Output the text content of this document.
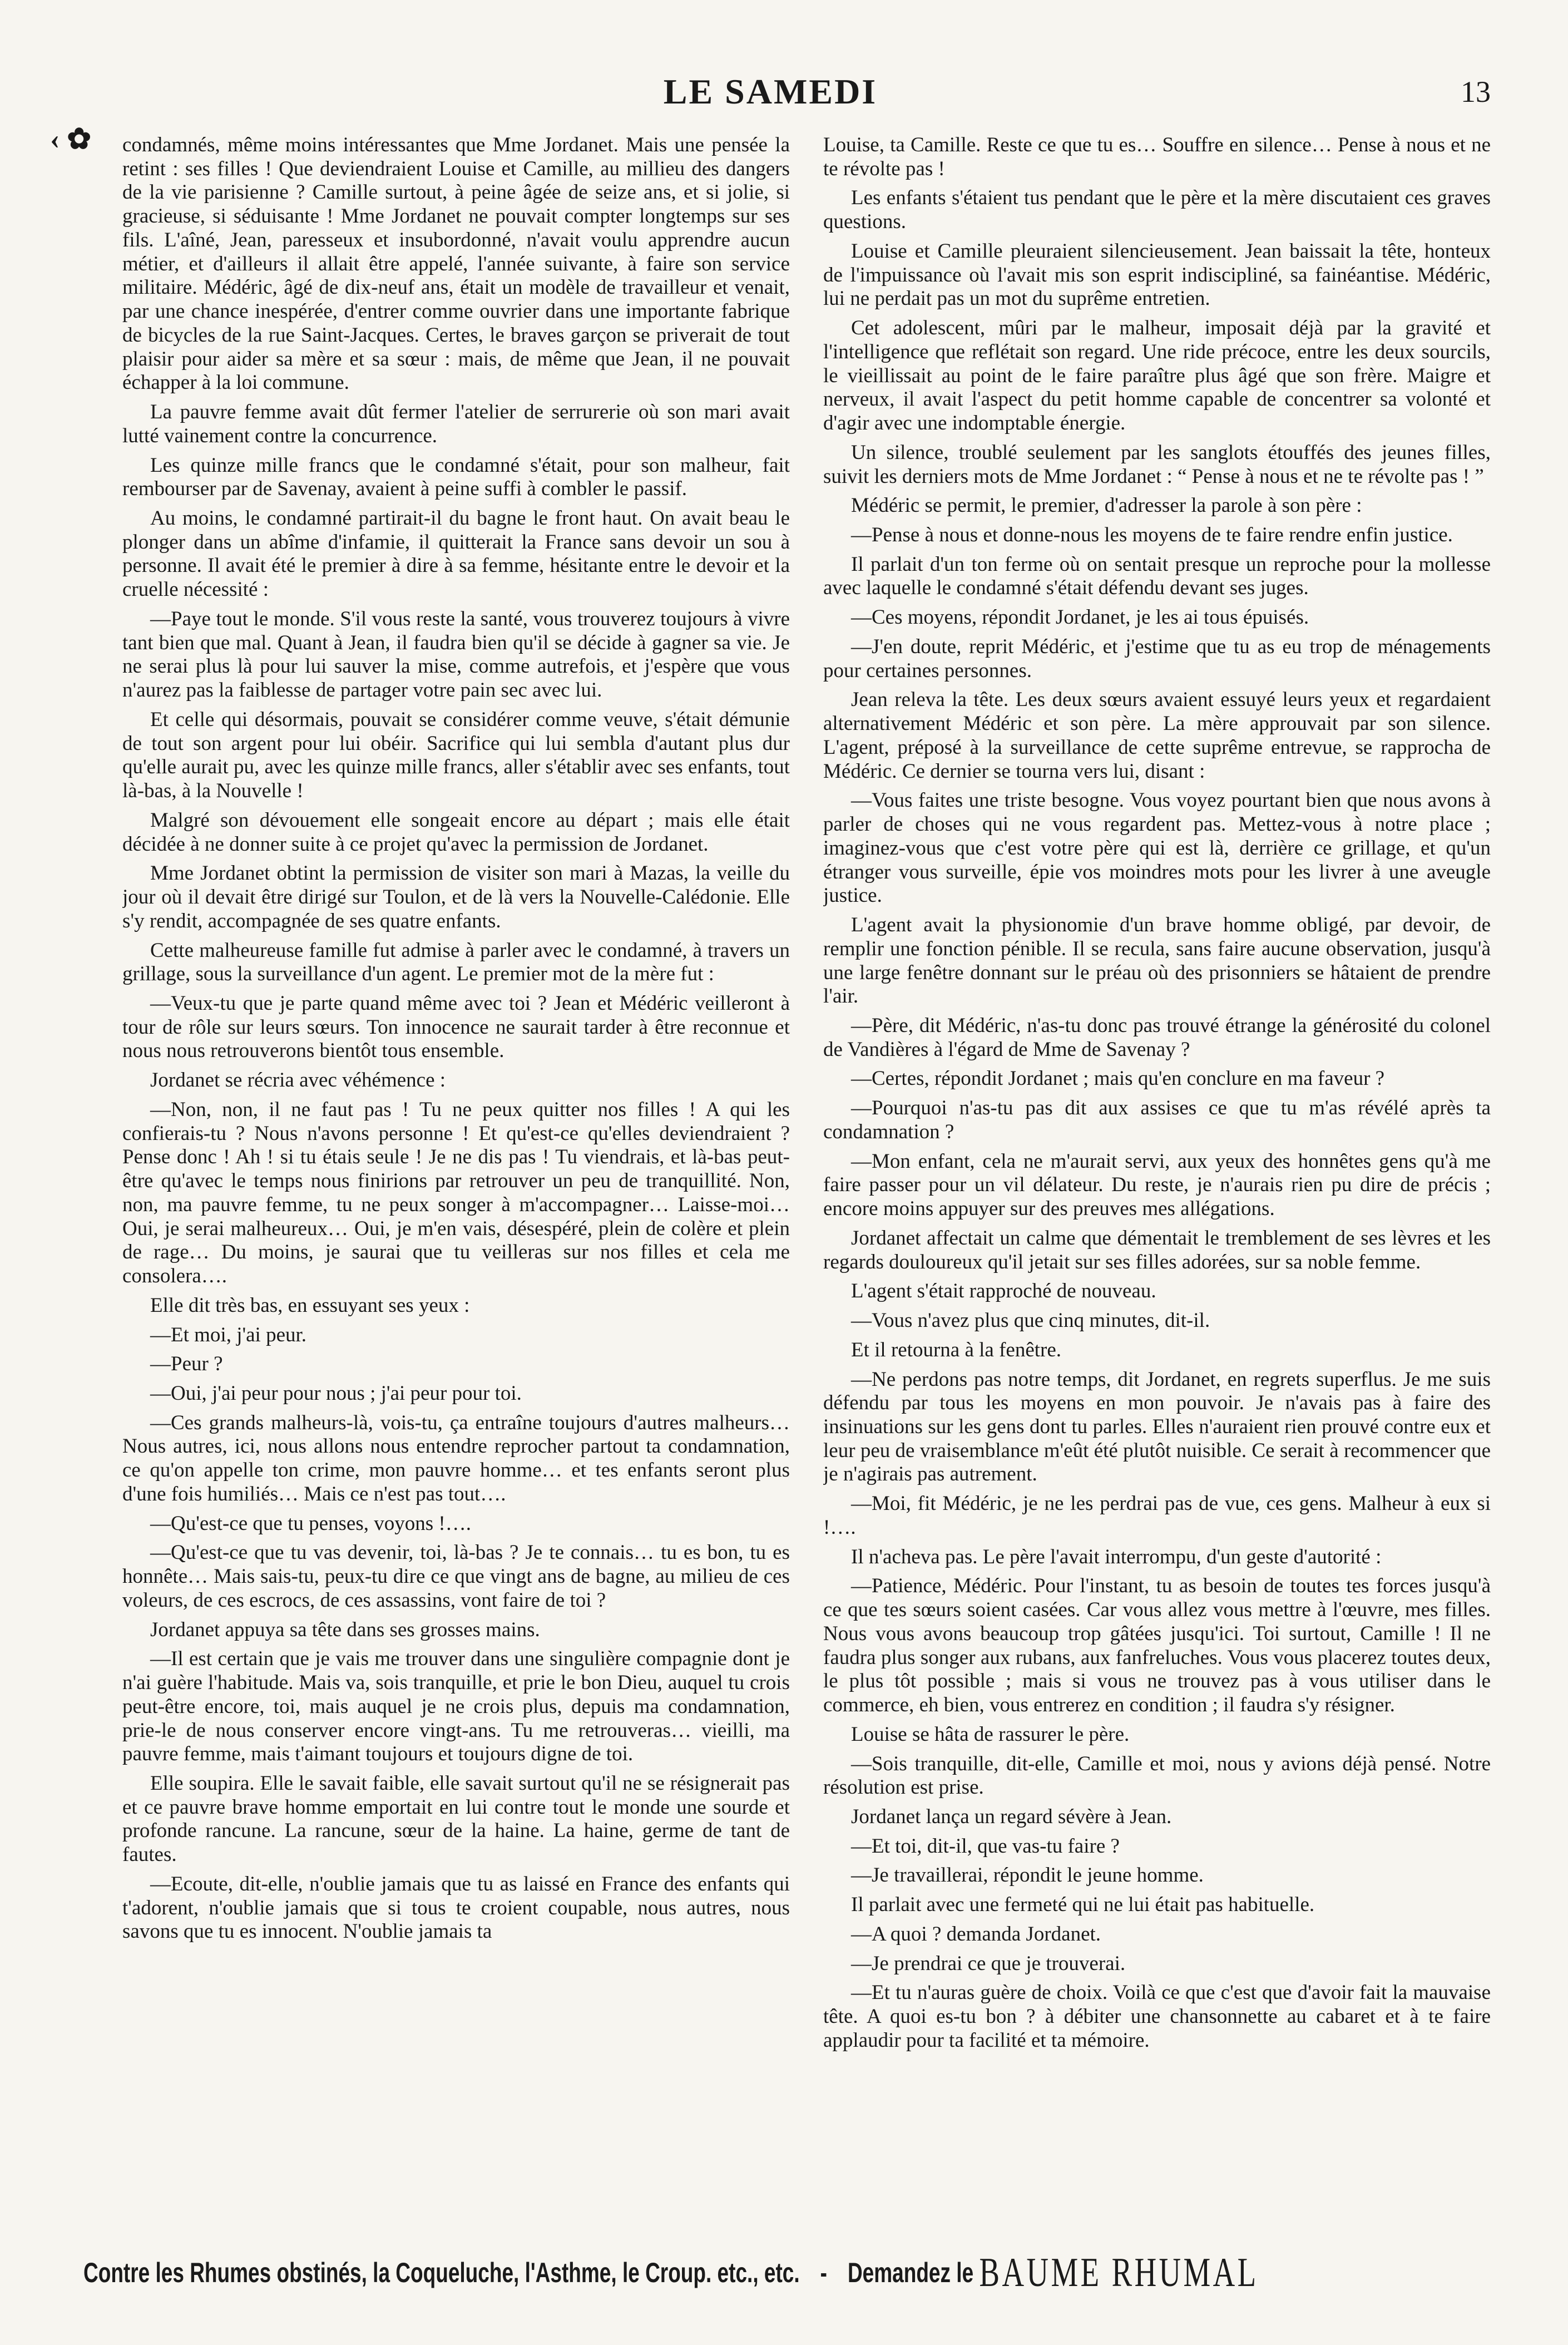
‹ ✿
LE SAMEDI	13

condamnés, même moins intéressantes que Mme Jordanet. Mais une pensée la retint : ses filles ! Que deviendraient Louise et Camille, au millieu des dangers de la vie parisienne ? Camille surtout, à peine âgée de seize ans, et si jolie, si gracieuse, si séduisante ! Mme Jordanet ne pouvait compter longtemps sur ses fils. L'aîné, Jean, paresseux et insubordonné, n'avait voulu apprendre aucun métier, et d'ailleurs il allait être appelé, l'année suivante, à faire son service militaire. Médéric, âgé de dix-neuf ans, était un modèle de travailleur et venait, par une chance inespérée, d'entrer comme ouvrier dans une importante fabrique de bicycles de la rue Saint-Jacques. Certes, le braves garçon se priverait de tout plaisir pour aider sa mère et sa sœur : mais, de même que Jean, il ne pouvait échapper à la loi commune.

La pauvre femme avait dût fermer l'atelier de serrurerie où son mari avait lutté vainement contre la concurrence.

Les quinze mille francs que le condamné s'était, pour son malheur, fait rembourser par de Savenay, avaient à peine suffi à combler le passif.

Au moins, le condamné partirait-il du bagne le front haut. On avait beau le plonger dans un abîme d'infamie, il quitterait la France sans devoir un sou à personne. Il avait été le premier à dire à sa femme, hésitante entre le devoir et la cruelle nécessité :

—Paye tout le monde. S'il vous reste la santé, vous trouverez toujours à vivre tant bien que mal. Quant à Jean, il faudra bien qu'il se décide à gagner sa vie. Je ne serai plus là pour lui sauver la mise, comme autrefois, et j'espère que vous n'aurez pas la faiblesse de partager votre pain sec avec lui.

Et celle qui désormais, pouvait se considérer comme veuve, s'était démunie de tout son argent pour lui obéir. Sacrifice qui lui sembla d'autant plus dur qu'elle aurait pu, avec les quinze mille francs, aller s'établir avec ses enfants, tout là-bas, à la Nouvelle !

Malgré son dévouement elle songeait encore au départ ; mais elle était décidée à ne donner suite à ce projet qu'avec la permission de Jordanet.

Mme Jordanet obtint la permission de visiter son mari à Mazas, la veille du jour où il devait être dirigé sur Toulon, et de là vers la Nouvelle-Calédonie. Elle s'y rendit, accompagnée de ses quatre enfants.

Cette malheureuse famille fut admise à parler avec le condamné, à travers un grillage, sous la surveillance d'un agent. Le premier mot de la mère fut :

—Veux-tu que je parte quand même avec toi ? Jean et Médéric veilleront à tour de rôle sur leurs sœurs. Ton innocence ne saurait tarder à être reconnue et nous nous retrouverons bientôt tous ensemble.

Jordanet se récria avec véhémence :

—Non, non, il ne faut pas ! Tu ne peux quitter nos filles ! A qui les confierais-tu ? Nous n'avons personne ! Et qu'est-ce qu'elles deviendraient ? Pense donc ! Ah ! si tu étais seule ! Je ne dis pas ! Tu viendrais, et là-bas peut-être qu'avec le temps nous finirions par retrouver un peu de tranquillité. Non, non, ma pauvre femme, tu ne peux songer à m'accompagner… Laisse-moi… Oui, je serai malheureux… Oui, je m'en vais, désespéré, plein de colère et plein de rage… Du moins, je saurai que tu veilleras sur nos filles et cela me consolera….

Elle dit très bas, en essuyant ses yeux :

—Et moi, j'ai peur.

—Peur ?

—Oui, j'ai peur pour nous ; j'ai peur pour toi.

—Ces grands malheurs-là, vois-tu, ça entraîne toujours d'autres malheurs… Nous autres, ici, nous allons nous entendre reprocher partout ta condamnation, ce qu'on appelle ton crime, mon pauvre homme… et tes enfants seront plus d'une fois humiliés… Mais ce n'est pas tout….

—Qu'est-ce que tu penses, voyons !….

—Qu'est-ce que tu vas devenir, toi, là-bas ? Je te connais… tu es bon, tu es honnête… Mais sais-tu, peux-tu dire ce que vingt ans de bagne, au milieu de ces voleurs, de ces escrocs, de ces assassins, vont faire de toi ?

Jordanet appuya sa tête dans ses grosses mains.

—Il est certain que je vais me trouver dans une singulière compagnie dont je n'ai guère l'habitude. Mais va, sois tranquille, et prie le bon Dieu, auquel tu crois peut-être encore, toi, mais auquel je ne crois plus, depuis ma condamnation, prie-le de nous conserver encore vingt-ans. Tu me retrouveras… vieilli, ma pauvre femme, mais t'aimant toujours et toujours digne de toi.

Elle soupira. Elle le savait faible, elle savait surtout qu'il ne se résignerait pas et ce pauvre brave homme emportait en lui contre tout le monde une sourde et profonde rancune. La rancune, sœur de la haine. La haine, germe de tant de fautes.

—Ecoute, dit-elle, n'oublie jamais que tu as laissé en France des enfants qui t'adorent, n'oublie jamais que si tous te croient coupable, nous autres, nous savons que tu es innocent. N'oublie jamais ta

Louise, ta Camille. Reste ce que tu es… Souffre en silence… Pense à nous et ne te révolte pas !

Les enfants s'étaient tus pendant que le père et la mère discutaient ces graves questions.

Louise et Camille pleuraient silencieusement. Jean baissait la tête, honteux de l'impuissance où l'avait mis son esprit indiscipliné, sa fainéantise. Médéric, lui ne perdait pas un mot du suprême entretien.

Cet adolescent, mûri par le malheur, imposait déjà par la gravité et l'intelligence que reflétait son regard. Une ride précoce, entre les deux sourcils, le vieillissait au point de le faire paraître plus âgé que son frère. Maigre et nerveux, il avait l'aspect du petit homme capable de concentrer sa volonté et d'agir avec une indomptable énergie.

Un silence, troublé seulement par les sanglots étouffés des jeunes filles, suivit les derniers mots de Mme Jordanet : “ Pense à nous et ne te révolte pas ! ”

Médéric se permit, le premier, d'adresser la parole à son père :

—Pense à nous et donne-nous les moyens de te faire rendre enfin justice.

Il parlait d'un ton ferme où on sentait presque un reproche pour la mollesse avec laquelle le condamné s'était défendu devant ses juges.

—Ces moyens, répondit Jordanet, je les ai tous épuisés.

—J'en doute, reprit Médéric, et j'estime que tu as eu trop de ménagements pour certaines personnes.

Jean releva la tête. Les deux sœurs avaient essuyé leurs yeux et regardaient alternativement Médéric et son père. La mère approuvait par son silence. L'agent, préposé à la surveillance de cette suprême entrevue, se rapprocha de Médéric. Ce dernier se tourna vers lui, disant :

—Vous faites une triste besogne. Vous voyez pourtant bien que nous avons à parler de choses qui ne vous regardent pas. Mettez-vous à notre place ; imaginez-vous que c'est votre père qui est là, derrière ce grillage, et qu'un étranger vous surveille, épie vos moindres mots pour les livrer à une aveugle justice.

L'agent avait la physionomie d'un brave homme obligé, par devoir, de remplir une fonction pénible. Il se recula, sans faire aucune observation, jusqu'à une large fenêtre donnant sur le préau où des prisonniers se hâtaient de prendre l'air.

—Père, dit Médéric, n'as-tu donc pas trouvé étrange la générosité du colonel de Vandières à l'égard de Mme de Savenay ?

—Certes, répondit Jordanet ; mais qu'en conclure en ma faveur ?

—Pourquoi n'as-tu pas dit aux assises ce que tu m'as révélé après ta condamnation ?

—Mon enfant, cela ne m'aurait servi, aux yeux des honnêtes gens qu'à me faire passer pour un vil délateur. Du reste, je n'aurais rien pu dire de précis ; encore moins appuyer sur des preuves mes allégations.

Jordanet affectait un calme que démentait le tremblement de ses lèvres et les regards douloureux qu'il jetait sur ses filles adorées, sur sa noble femme.

L'agent s'était rapproché de nouveau.

—Vous n'avez plus que cinq minutes, dit-il.

Et il retourna à la fenêtre.

—Ne perdons pas notre temps, dit Jordanet, en regrets superflus. Je me suis défendu par tous les moyens en mon pouvoir. Je n'avais pas à faire des insinuations sur les gens dont tu parles. Elles n'auraient rien prouvé contre eux et leur peu de vraisemblance m'eût été plutôt nuisible. Ce serait à recommencer que je n'agirais pas autrement.

—Moi, fit Médéric, je ne les perdrai pas de vue, ces gens. Malheur à eux si !….

Il n'acheva pas. Le père l'avait interrompu, d'un geste d'autorité :

—Patience, Médéric. Pour l'instant, tu as besoin de toutes tes forces jusqu'à ce que tes sœurs soient casées. Car vous allez vous mettre à l'œuvre, mes filles. Nous vous avons beaucoup trop gâtées jusqu'ici. Toi surtout, Camille ! Il ne faudra plus songer aux rubans, aux fanfreluches. Vous vous placerez toutes deux, le plus tôt possible ; mais si vous ne trouvez pas à vous utiliser dans le commerce, eh bien, vous entrerez en condition ; il faudra s'y résigner.

Louise se hâta de rassurer le père.

—Sois tranquille, dit-elle, Camille et moi, nous y avions déjà pensé. Notre résolution est prise.

Jordanet lança un regard sévère à Jean.

—Et toi, dit-il, que vas-tu faire ?

—Je travaillerai, répondit le jeune homme.

Il parlait avec une fermeté qui ne lui était pas habituelle.

—A quoi ? demanda Jordanet.

—Je prendrai ce que je trouverai.

—Et tu n'auras guère de choix. Voilà ce que c'est que d'avoir fait la mauvaise tête. A quoi es-tu bon ? à débiter une chansonnette au cabaret et à te faire applaudir pour ta facilité et ta mémoire.

Contre les Rhumes obstinés, la Coqueluche, l'Asthme, le Croup. etc., etc. - Demandez le BAUME RHUMAL
